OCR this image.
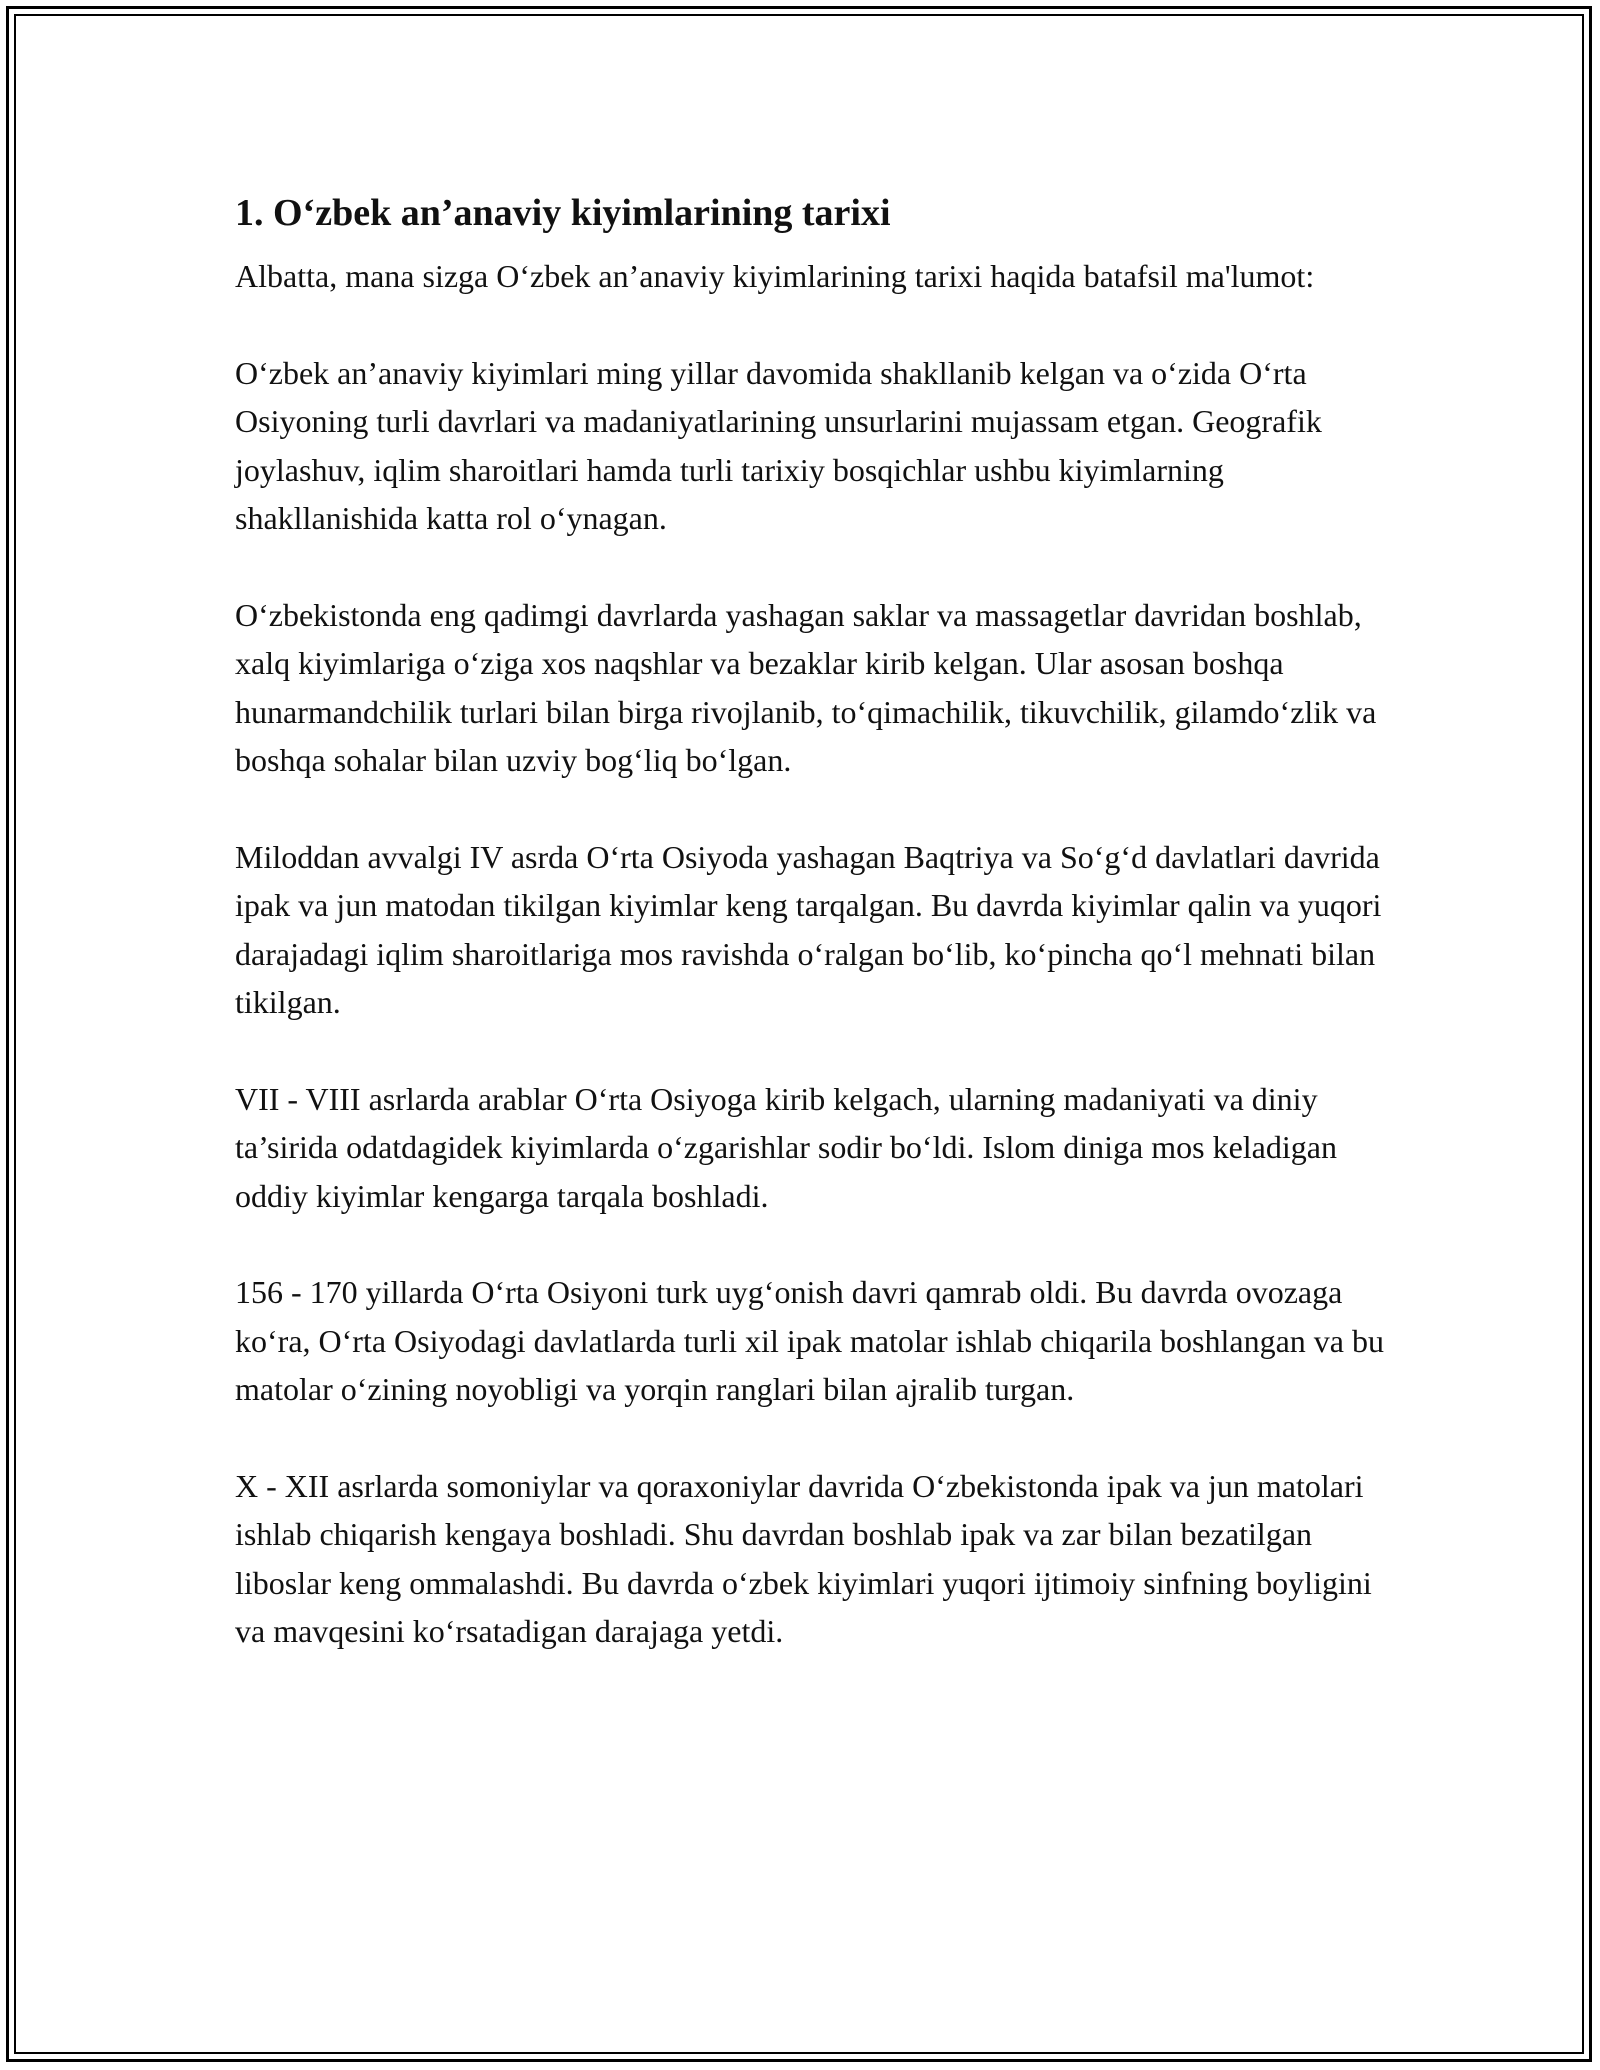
1. O‘zbek an’anaviy kiyimlarining tarixi

Albatta, mana sizga O‘zbek an’anaviy kiyimlarining tarixi haqida batafsil ma'lumot:

O‘zbek an’anaviy kiyimlari ming yillar davomida shakllanib kelgan va o‘zida O‘rta Osiyoning turli davrlari va madaniyatlarining unsurlarini mujassam etgan. Geografik joylashuv, iqlim sharoitlari hamda turli tarixiy bosqichlar ushbu kiyimlarning shakllanishida katta rol o‘ynagan.

O‘zbekistonda eng qadimgi davrlarda yashagan saklar va massagetlar davridan boshlab, xalq kiyimlariga o‘ziga xos naqshlar va bezaklar kirib kelgan. Ular asosan boshqa hunarmandchilik turlari bilan birga rivojlanib, to‘qimachilik, tikuvchilik, gilamdo‘zlik va boshqa sohalar bilan uzviy bog‘liq bo‘lgan.

Miloddan avvalgi IV asrda O‘rta Osiyoda yashagan Baqtriya va So‘g‘d davlatlari davrida ipak va jun matodan tikilgan kiyimlar keng tarqalgan. Bu davrda kiyimlar qalin va yuqori darajadagi iqlim sharoitlariga mos ravishda o‘ralgan bo‘lib, ko‘pincha qo‘l mehnati bilan tikilgan.

VII - VIII asrlarda arablar O‘rta Osiyoga kirib kelgach, ularning madaniyati va diniy ta’sirida odatdagidek kiyimlarda o‘zgarishlar sodir bo‘ldi. Islom diniga mos keladigan oddiy kiyimlar kengarga tarqala boshladi.

156 - 170 yillarda O‘rta Osiyoni turk uyg‘onish davri qamrab oldi. Bu davrda ovozaga ko‘ra, O‘rta Osiyodagi davlatlarda turli xil ipak matolar ishlab chiqarila boshlangan va bu matolar o‘zining noyobligi va yorqin ranglari bilan ajralib turgan.

X - XII asrlarda somoniylar va qoraxoniylar davrida O‘zbekistonda ipak va jun matolari ishlab chiqarish kengaya boshladi. Shu davrdan boshlab ipak va zar bilan bezatilgan liboslar keng ommalashdi. Bu davrda o‘zbek kiyimlari yuqori ijtimoiy sinfning boyligini va mavqesini ko‘rsatadigan darajaga yetdi.
